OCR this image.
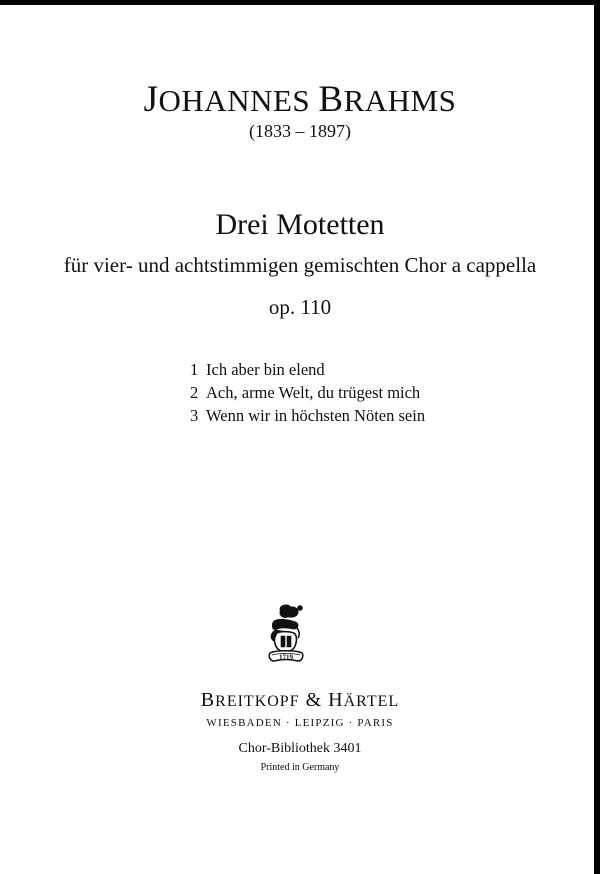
JOHANNES BRAHMS
(1833 – 1897)
Drei Motetten
für vier- und achtstimmigen gemischten Chor a cappella
op. 110
1 Ich aber bin elend
2 Ach, arme Welt, du trügest mich
3 Wenn wir in höchsten Nöten sein
1719
BREITKOPF & HÄRTEL
WIESBADEN · LEIPZIG · PARIS
Chor-Bibliothek 3401
Printed in Germany
